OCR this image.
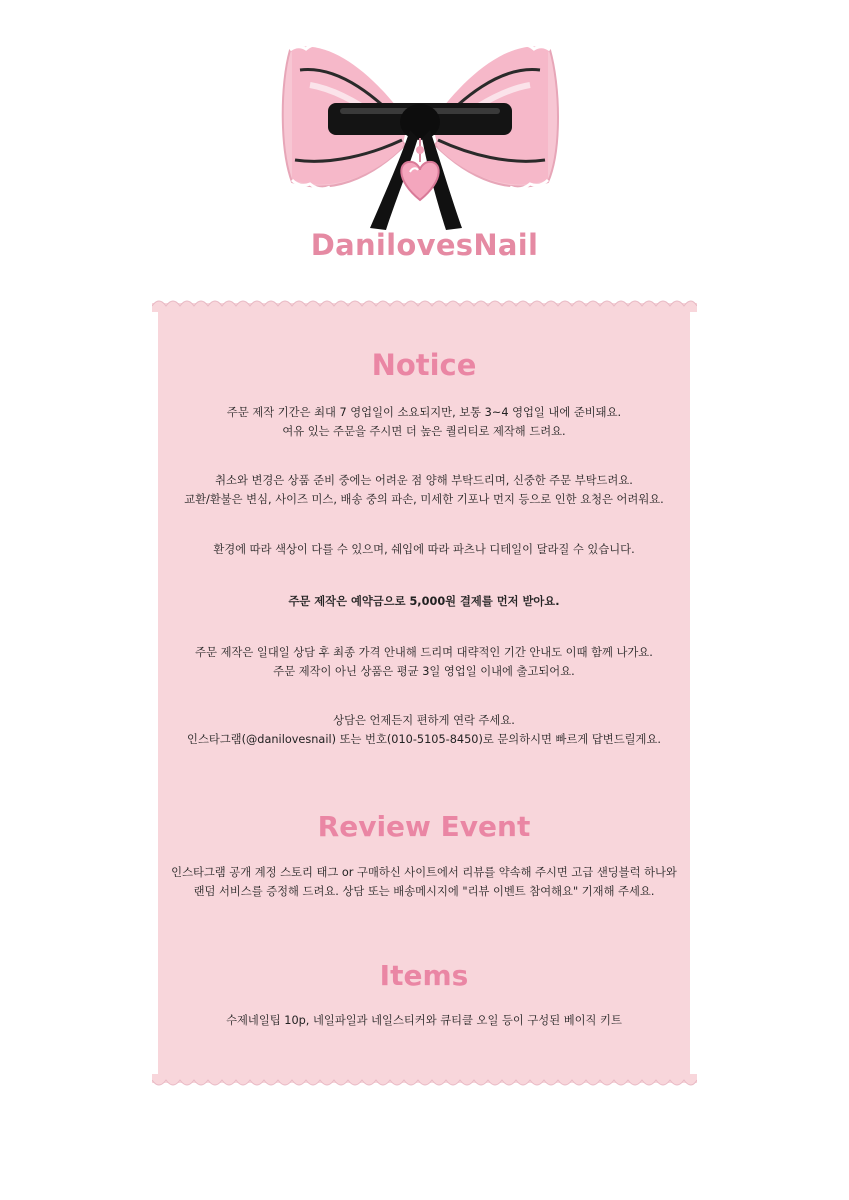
DanilovesNail
Notice
주문 제작 기간은 최대 7 영업일이 소요되지만, 보통 3~4 영업일 내에 준비돼요.
여유 있는 주문을 주시면 더 높은 퀄리티로 제작해 드려요.
취소와 변경은 상품 준비 중에는 어려운 점 양해 부탁드리며, 신중한 주문 부탁드려요.
교환/환불은 변심, 사이즈 미스, 배송 중의 파손, 미세한 기포나 먼지 등으로 인한 요청은 어려워요.
환경에 따라 색상이 다를 수 있으며, 쉐입에 따라 파츠나 디테일이 달라질 수 있습니다.
주문 제작은 예약금으로 5,000원 결제를 먼저 받아요.
주문 제작은 일대일 상담 후 최종 가격 안내해 드리며 대략적인 기간 안내도 이때 함께 나가요.
주문 제작이 아닌 상품은 평균 3일 영업일 이내에 출고되어요.
상담은 언제든지 편하게 연락 주세요.
인스타그램(@danilovesnail) 또는 번호(010-5105-8450)로 문의하시면 빠르게 답변드릴게요.
Review Event
인스타그램 공개 계정 스토리 태그 or 구매하신 사이트에서 리뷰를 약속해 주시면 고급 샌딩블럭 하나와
랜덤 서비스를 증정해 드려요. 상담 또는 배송메시지에 "리뷰 이벤트 참여해요" 기재해 주세요.
Items
수제네일팁 10p, 네일파일과 네일스티커와 큐티클 오일 등이 구성된 베이직 키트
